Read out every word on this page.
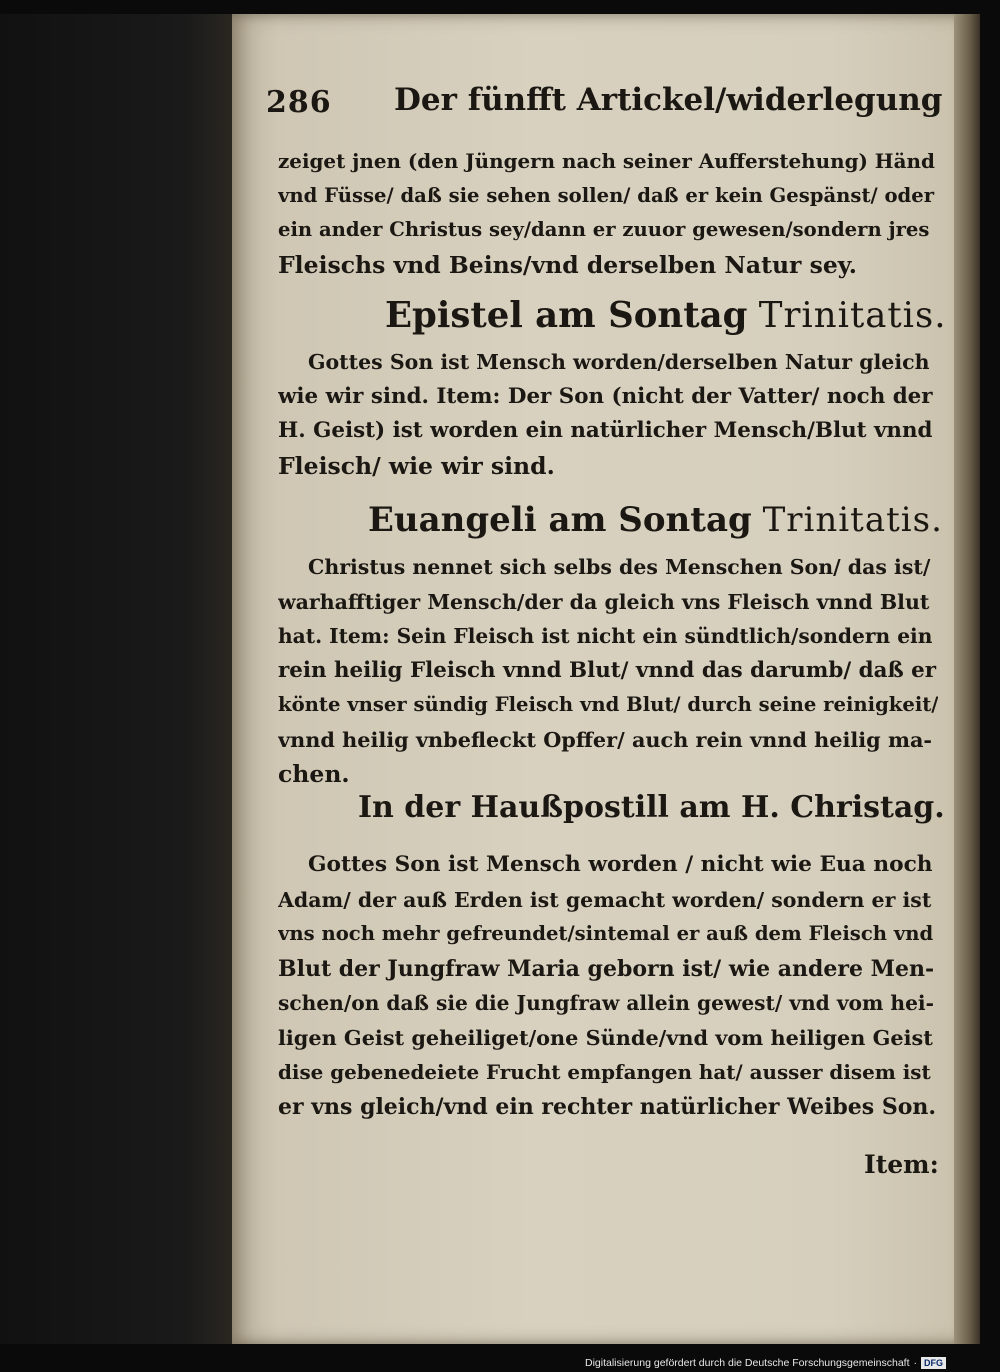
286 Der fünfft Artickel/widerlegung
zeiget jnen (den Jüngern nach seiner Aufferstehung) Händ
vnd Füsse/ daß sie sehen sollen/ daß er kein Gespänst/ oder
ein ander Christus sey/dann er zuuor gewesen/sondern jres
Fleischs vnd Beins/vnd derselben Natur sey.
Epistel am Sontag Trinitatis.
Gottes Son ist Mensch worden/derselben Natur gleich
wie wir sind. Item: Der Son (nicht der Vatter/ noch der
H. Geist) ist worden ein natürlicher Mensch/Blut vnnd
Fleisch/ wie wir sind.
Euangeli am Sontag Trinitatis.
Christus nennet sich selbs des Menschen Son/ das ist/
warhafftiger Mensch/der da gleich vns Fleisch vnnd Blut
hat. Item: Sein Fleisch ist nicht ein sündtlich/sondern ein
rein heilig Fleisch vnnd Blut/ vnnd das darumb/ daß er
könte vnser sündig Fleisch vnd Blut/ durch seine reinigkeit/
vnnd heilig vnbefleckt Opffer/ auch rein vnnd heilig ma-
chen.
In der Haußpostill am H. Christag.
Gottes Son ist Mensch worden / nicht wie Eua noch
Adam/ der auß Erden ist gemacht worden/ sondern er ist
vns noch mehr gefreundet/sintemal er auß dem Fleisch vnd
Blut der Jungfraw Maria geborn ist/ wie andere Men-
schen/on daß sie die Jungfraw allein gewest/ vnd vom hei-
ligen Geist geheiliget/one Sünde/vnd vom heiligen Geist
dise gebenedeiete Frucht empfangen hat/ ausser disem ist
er vns gleich/vnd ein rechter natürlicher Weibes Son.
Item:
Digitalisierung gefördert durch die Deutsche Forschungsgemeinschaft · DFG
